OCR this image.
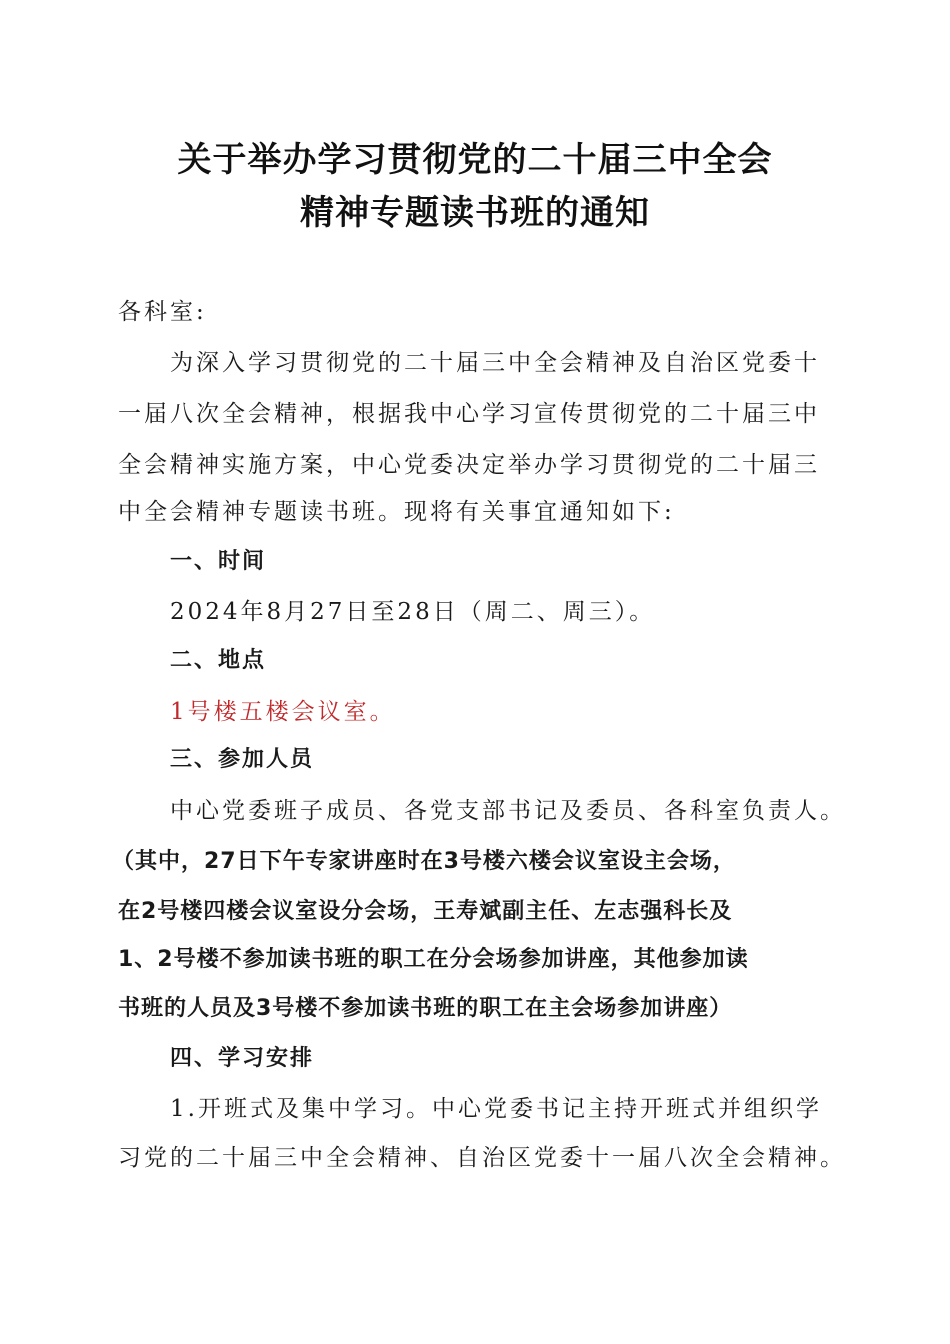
关于举办学习贯彻党的二十届三中全会
精神专题读书班的通知
各科室:
为深入学习贯彻党的二十届三中全会精神及自治区党委十
一届八次全会精神，根据我中心学习宣传贯彻党的二十届三中
全会精神实施方案，中心党委决定举办学习贯彻党的二十届三
中全会精神专题读书班。现将有关事宜通知如下:
一、时间
2024年8月27日至28日（周二、周三）。
二、地点
1号楼五楼会议室。
三、参加人员
中心党委班子成员、各党支部书记及委员、各科室负责人。
（其中，27日下午专家讲座时在3号楼六楼会议室设主会场，
在2号楼四楼会议室设分会场，王寿斌副主任、左志强科长及
1、2号楼不参加读书班的职工在分会场参加讲座，其他参加读
书班的人员及3号楼不参加读书班的职工在主会场参加讲座）
四、学习安排
1.开班式及集中学习。中心党委书记主持开班式并组织学
习党的二十届三中全会精神、自治区党委十一届八次全会精神。
